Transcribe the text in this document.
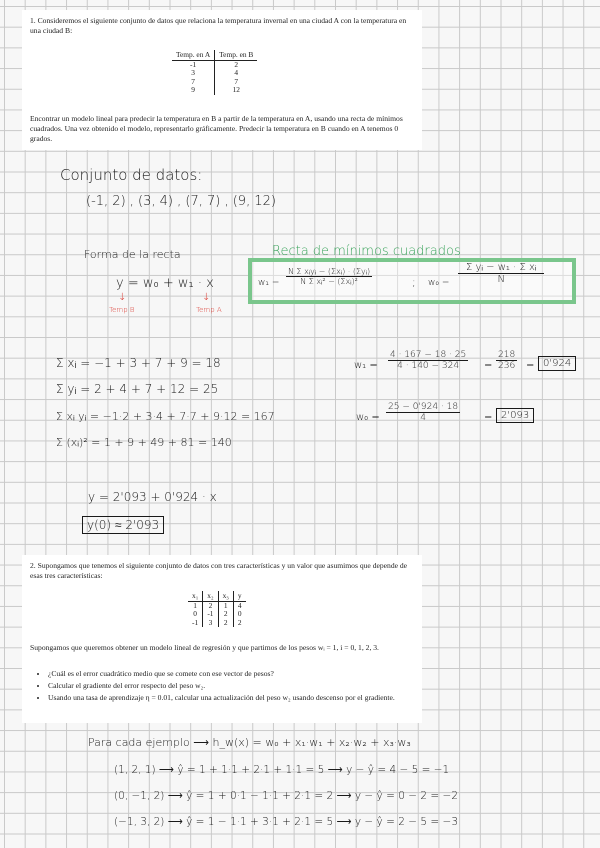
1. Consideremos el siguiente conjunto de datos que relaciona la temperatura invernal en una ciudad A con la temperatura en una ciudad B:
Temp. en A	Temp. en B
-1	2
3	4
7	7
9	12
Encontrar un modelo lineal para predecir la temperatura en B a partir de la temperatura en A, usando una recta de mínimos cuadrados. Una vez obtenido el modelo, representarlo gráficamente. Predecir la temperatura en B cuando en A tenemos 0 grados.
Conjunto de datos:
(-1, 2) , (3, 4) , (7, 7) , (9, 12)
Forma de la recta
y = w₀ + w₁ · x
↓
Temp B
↓
Temp A
Recta de mínimos cuadrados
$w_1 = \frac{\text{N Σ xᵢyᵢ − (Σxᵢ) · (Σyᵢ)}}{\text{N Σ xᵢ² − (Σxᵢ)²}}$	; $w_0 = \frac{\text{Σ yᵢ − w₁ · Σ xᵢ}}{N}$
Σ xᵢ = −1 + 3 + 7 + 9 = 18
Σ yᵢ = 2 + 4 + 7 + 12 = 25
Σ xᵢ yᵢ = −1·2 + 3·4 + 7·7 + 9·12 = 167
Σ (xᵢ)² = 1 + 9 + 49 + 81 = 140
$w_1 = \frac{4 \cdot 167 - 18 \cdot 25}{4 \cdot 140 - 324} = \frac{218}{236} = 0'924$
$w_0 = \frac{25 - 0'924 \cdot 18}{4} = 2'093$
y = 2'093 + 0'924 · x
y(0) ≈ 2'093
2. Supongamos que tenemos el siguiente conjunto de datos con tres características y un valor que asumimos que depende de esas tres características:
x₁	x₂	x₃	y
1	2	1	4
0	-1	2	0
-1	3	2	2
Supongamos que queremos obtener un modelo lineal de regresión y que partimos de los pesos wᵢ = 1, i = 0, 1, 2, 3.
• ¿Cuál es el error cuadrático medio que se comete con ese vector de pesos?
• Calcular el gradiente del error respecto del peso w₂.
• Usando una tasa de aprendizaje η = 0.01, calcular una actualización del peso w₂ usando descenso por el gradiente.
Para cada ejemplo ⟶ h_w(x) = w₀ + x₁·w₁ + x₂·w₂ + x₃·w₃
(1, 2, 1) ⟶ ŷ = 1 + 1·1 + 2·1 + 1·1 = 5 ⟶ y − ŷ = 4 − 5 = −1
(0, −1, 2) ⟶ ŷ = 1 + 0·1 − 1·1 + 2·1 = 2 ⟶ y − ŷ = 0 − 2 = −2
(−1, 3, 2) ⟶ ŷ = 1 − 1·1 + 3·1 + 2·1 = 5 ⟶ y − ŷ = 2 − 5 = −3
